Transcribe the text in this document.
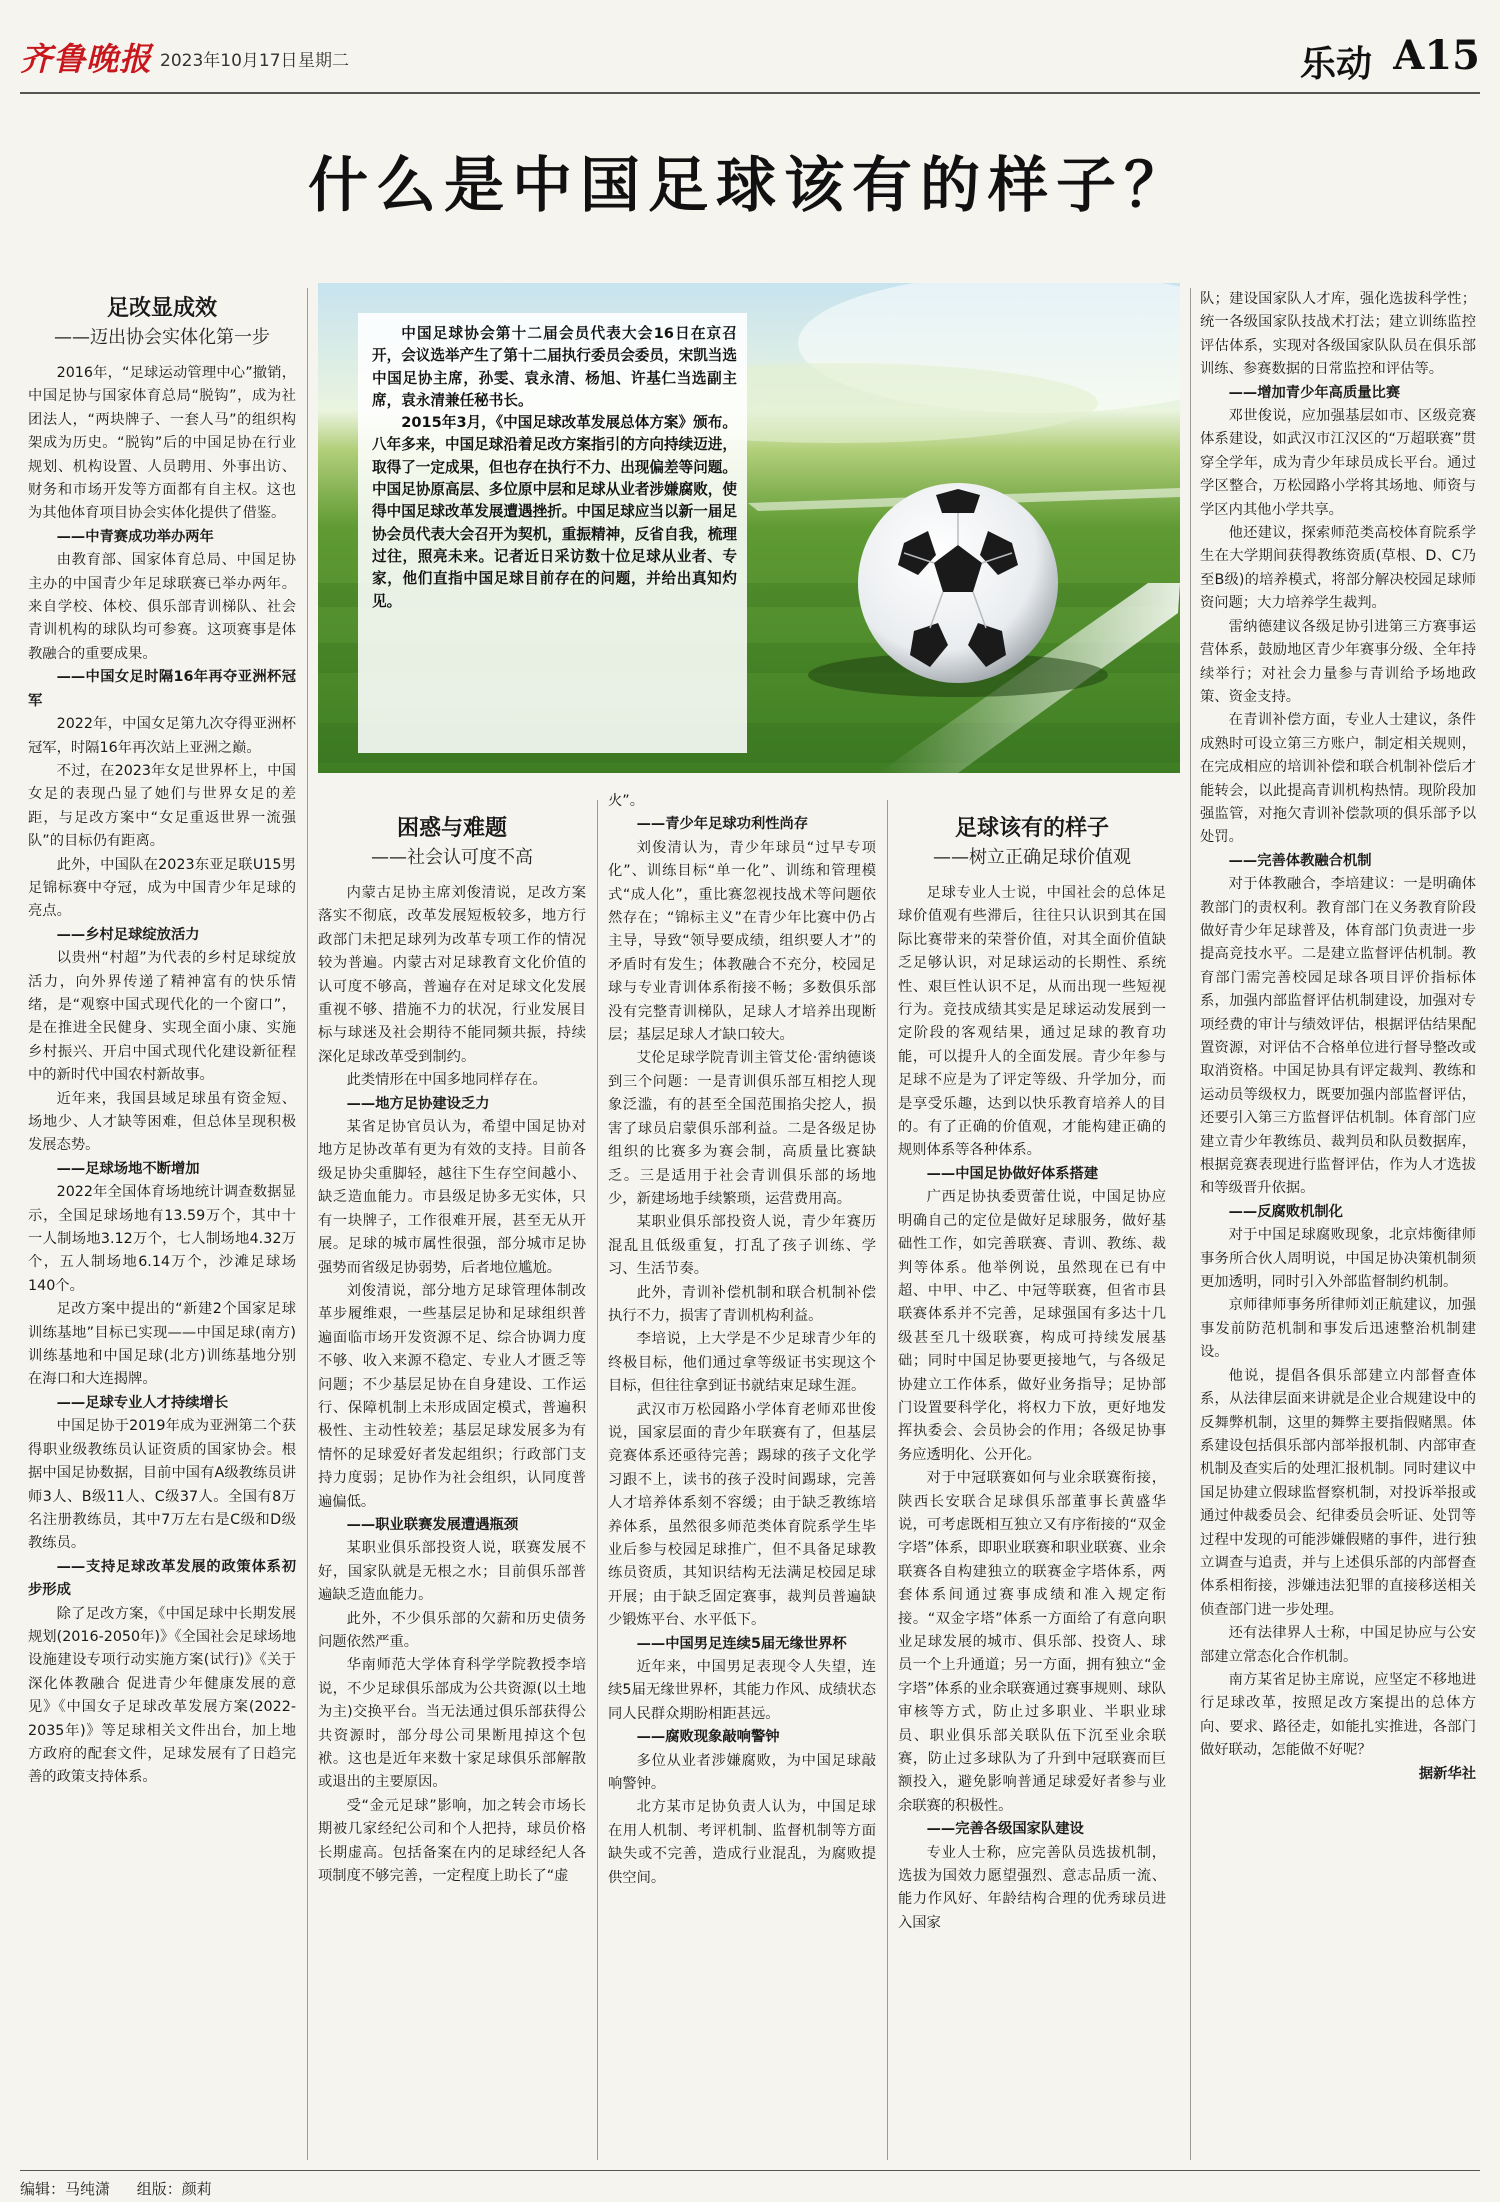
齐鲁晚报 2023年10月17日 星期二	乐动 A15
什么是中国足球该有的样子？

中国足球协会第十二届会员代表大会16日在京召开，会议选举产生了第十二届执行委员会委员，宋凯当选中国足协主席，孙雯、袁永清、杨旭、许基仁当选副主席，袁永清兼任秘书长。

2015年3月，《中国足球改革发展总体方案》颁布。八年多来，中国足球沿着足改方案指引的方向持续迈进，取得了一定成果，但也存在执行不力、出现偏差等问题。中国足协原高层、多位原中层和足球从业者涉嫌腐败，使得中国足球改革发展遭遇挫折。中国足球应当以新一届足协会员代表大会召开为契机，重振精神，反省自我，梳理过往，照亮未来。记者近日采访数十位足球从业者、专家，他们直指中国足球目前存在的问题，并给出真知灼见。

足改显成效
——迈出协会实体化第一步

2016年，“足球运动管理中心”撤销，中国足协与国家体育总局“脱钩”，成为社团法人，“两块牌子、一套人马”的组织构架成为历史。“脱钩”后的中国足协在行业规划、机构设置、人员聘用、外事出访、财务和市场开发等方面都有自主权。这也为其他体育项目协会实体化提供了借鉴。

——中青赛成功举办两年

由教育部、国家体育总局、中国足协主办的中国青少年足球联赛已举办两年。来自学校、体校、俱乐部青训梯队、社会青训机构的球队均可参赛。这项赛事是体教融合的重要成果。

——中国女足时隔16年再夺亚洲杯冠军

2022年，中国女足第九次夺得亚洲杯冠军，时隔16年再次站上亚洲之巅。

不过，在2023年女足世界杯上，中国女足的表现凸显了她们与世界女足的差距，与足改方案中“女足重返世界一流强队”的目标仍有距离。

此外，中国队在2023东亚足联U15男足锦标赛中夺冠，成为中国青少年足球的亮点。

——乡村足球绽放活力

以贵州“村超”为代表的乡村足球绽放活力，向外界传递了精神富有的快乐情绪，是“观察中国式现代化的一个窗口”，是在推进全民健身、实现全面小康、实施乡村振兴、开启中国式现代化建设新征程中的新时代中国农村新故事。

近年来，我国县域足球虽有资金短、场地少、人才缺等困难，但总体呈现积极发展态势。

——足球场地不断增加

2022年全国体育场地统计调查数据显示，全国足球场地有13.59万个，其中十一人制场地3.12万个，七人制场地4.32万个，五人制场地6.14万个，沙滩足球场140个。

足改方案中提出的“新建2个国家足球训练基地”目标已实现——中国足球(南方)训练基地和中国足球(北方)训练基地分别在海口和大连揭牌。

——足球专业人才持续增长

中国足协于2019年成为亚洲第二个获得职业级教练员认证资质的国家协会。根据中国足协数据，目前中国有A级教练员讲师3人、B级11人、C级37人。全国有8万名注册教练员，其中7万左右是C级和D级教练员。

——支持足球改革发展的政策体系初步形成

除了足改方案，《中国足球中长期发展规划(2016-2050年)》《全国社会足球场地设施建设专项行动实施方案(试行)》《关于深化体教融合 促进青少年健康发展的意见》《中国女子足球改革发展方案(2022-2035年)》等足球相关文件出台，加上地方政府的配套文件，足球发展有了日趋完善的政策支持体系。

困惑与难题
——社会认可度不高

内蒙古足协主席刘俊清说，足改方案落实不彻底，改革发展短板较多，地方行政部门未把足球列为改革专项工作的情况较为普遍。内蒙古对足球教育文化价值的认可度不够高，普遍存在对足球文化发展重视不够、措施不力的状况，行业发展目标与球迷及社会期待不能同频共振，持续深化足球改革受到制约。

此类情形在中国多地同样存在。

——地方足协建设乏力

某省足协官员认为，希望中国足协对地方足协改革有更为有效的支持。目前各级足协尖重脚轻，越往下生存空间越小、缺乏造血能力。市县级足协多无实体，只有一块牌子，工作很难开展，甚至无从开展。足球的城市属性很强，部分城市足协强势而省级足协弱势，后者地位尴尬。

刘俊清说，部分地方足球管理体制改革步履维艰，一些基层足协和足球组织普遍面临市场开发资源不足、综合协调力度不够、收入来源不稳定、专业人才匮乏等问题；不少基层足协在自身建设、工作运行、保障机制上未形成固定模式，普遍积极性、主动性较差；基层足球发展多为有情怀的足球爱好者发起组织；行政部门支持力度弱；足协作为社会组织，认同度普遍偏低。

——职业联赛发展遭遇瓶颈

某职业俱乐部投资人说，联赛发展不好，国家队就是无根之水；目前俱乐部普遍缺乏造血能力。

此外，不少俱乐部的欠薪和历史债务问题依然严重。

华南师范大学体育科学学院教授李培说，不少足球俱乐部成为公共资源(以土地为主)交换平台。当无法通过俱乐部获得公共资源时，部分母公司果断甩掉这个包袱。这也是近年来数十家足球俱乐部解散或退出的主要原因。

受“金元足球”影响，加之转会市场长期被几家经纪公司和个人把持，球员价格长期虚高。包括备案在内的足球经纪人各项制度不够完善，一定程度上助长了“虚

火”。

——青少年足球功利性尚存

刘俊清认为，青少年球员“过早专项化”、训练目标“单一化”、训练和管理模式“成人化”，重比赛忽视技战术等问题依然存在；“锦标主义”在青少年比赛中仍占主导，导致“领导要成绩，组织要人才”的矛盾时有发生；体教融合不充分，校园足球与专业青训体系衔接不畅；多数俱乐部没有完整青训梯队，足球人才培养出现断层；基层足球人才缺口较大。

艾伦足球学院青训主管艾伦·雷纳德谈到三个问题：一是青训俱乐部互相挖人现象泛滥，有的甚至全国范围掐尖挖人，损害了球员启蒙俱乐部利益。二是各级足协组织的比赛多为赛会制，高质量比赛缺乏。三是适用于社会青训俱乐部的场地少，新建场地手续繁琐，运营费用高。

某职业俱乐部投资人说，青少年赛历混乱且低级重复，打乱了孩子训练、学习、生活节奏。

此外，青训补偿机制和联合机制补偿执行不力，损害了青训机构利益。

李培说，上大学是不少足球青少年的终极目标，他们通过拿等级证书实现这个目标，但往往拿到证书就结束足球生涯。

武汉市万松园路小学体育老师邓世俊说，国家层面的青少年联赛有了，但基层竞赛体系还亟待完善；踢球的孩子文化学习跟不上，读书的孩子没时间踢球，完善人才培养体系刻不容缓；由于缺乏教练培养体系，虽然很多师范类体育院系学生毕业后参与校园足球推广，但不具备足球教练员资质，其知识结构无法满足校园足球开展；由于缺乏固定赛事，裁判员普遍缺少锻炼平台、水平低下。

——中国男足连续5届无缘世界杯

近年来，中国男足表现令人失望，连续5届无缘世界杯，其能力作风、成绩状态同人民群众期盼相距甚远。

——腐败现象敲响警钟

多位从业者涉嫌腐败，为中国足球敲响警钟。

北方某市足协负责人认为，中国足球在用人机制、考评机制、监督机制等方面缺失或不完善，造成行业混乱，为腐败提供空间。

足球该有的样子
——树立正确足球价值观

足球专业人士说，中国社会的总体足球价值观有些滞后，往往只认识到其在国际比赛带来的荣誉价值，对其全面价值缺乏足够认识，对足球运动的长期性、系统性、艰巨性认识不足，从而出现一些短视行为。竞技成绩其实是足球运动发展到一定阶段的客观结果，通过足球的教育功能，可以提升人的全面发展。青少年参与足球不应是为了评定等级、升学加分，而是享受乐趣，达到以快乐教育培养人的目的。有了正确的价值观，才能构建正确的规则体系等各种体系。

——中国足协做好体系搭建

广西足协执委贾蕾仕说，中国足协应明确自己的定位是做好足球服务，做好基础性工作，如完善联赛、青训、教练、裁判等体系。他举例说，虽然现在已有中超、中甲、中乙、中冠等联赛，但省市县联赛体系并不完善，足球强国有多达十几级甚至几十级联赛，构成可持续发展基础；同时中国足协要更接地气，与各级足协建立工作体系，做好业务指导；足协部门设置要科学化，将权力下放，更好地发挥执委会、会员协会的作用；各级足协事务应透明化、公开化。

对于中冠联赛如何与业余联赛衔接，陕西长安联合足球俱乐部董事长黄盛华说，可考虑既相互独立又有序衔接的“双金字塔”体系，即职业联赛和职业联赛、业余联赛各自构建独立的联赛金字塔体系，两套体系间通过赛事成绩和准入规定衔接。“双金字塔”体系一方面给了有意向职业足球发展的城市、俱乐部、投资人、球员一个上升通道；另一方面，拥有独立“金字塔”体系的业余联赛通过赛事规则、球队审核等方式，防止过多职业、半职业球员、职业俱乐部关联队伍下沉至业余联赛，防止过多球队为了升到中冠联赛而巨额投入，避免影响普通足球爱好者参与业余联赛的积极性。

——完善各级国家队建设

专业人士称，应完善队员选拔机制，选拔为国效力愿望强烈、意志品质一流、能力作风好、年龄结构合理的优秀球员进入国家

队；建设国家队人才库，强化选拔科学性；统一各级国家队技战术打法；建立训练监控评估体系，实现对各级国家队队员在俱乐部训练、参赛数据的日常监控和评估等。

——增加青少年高质量比赛

邓世俊说，应加强基层如市、区级竞赛体系建设，如武汉市江汉区的“万超联赛”贯穿全学年，成为青少年球员成长平台。通过学区整合，万松园路小学将其场地、师资与学区内其他小学共享。

他还建议，探索师范类高校体育院系学生在大学期间获得教练资质(草根、D、C乃至B级)的培养模式，将部分解决校园足球师资问题；大力培养学生裁判。

雷纳德建议各级足协引进第三方赛事运营体系，鼓励地区青少年赛事分级、全年持续举行；对社会力量参与青训给予场地政策、资金支持。

在青训补偿方面，专业人士建议，条件成熟时可设立第三方账户，制定相关规则，在完成相应的培训补偿和联合机制补偿后才能转会，以此提高青训机构热情。现阶段加强监管，对拖欠青训补偿款项的俱乐部予以处罚。

——完善体教融合机制

对于体教融合，李培建议：一是明确体教部门的责权利。教育部门在义务教育阶段做好青少年足球普及，体育部门负责进一步提高竞技水平。二是建立监督评估机制。教育部门需完善校园足球各项目评价指标体系，加强内部监督评估机制建设，加强对专项经费的审计与绩效评估，根据评估结果配置资源，对评估不合格单位进行督导整改或取消资格。中国足协具有评定裁判、教练和运动员等级权力，既要加强内部监督评估，还要引入第三方监督评估机制。体育部门应建立青少年教练员、裁判员和队员数据库，根据竞赛表现进行监督评估，作为人才选拔和等级晋升依据。

——反腐败机制化

对于中国足球腐败现象，北京炜衡律师事务所合伙人周明说，中国足协决策机制须更加透明，同时引入外部监督制约机制。

京师律师事务所律师刘正航建议，加强事发前防范机制和事发后迅速整治机制建设。

他说，提倡各俱乐部建立内部督查体系，从法律层面来讲就是企业合规建设中的反舞弊机制，这里的舞弊主要指假赌黑。体系建设包括俱乐部内部举报机制、内部审查机制及查实后的处理汇报机制。同时建议中国足协建立假球监督察机制，对投诉举报或通过仲裁委员会、纪律委员会听证、处罚等过程中发现的可能涉嫌假赌的事件，进行独立调查与追责，并与上述俱乐部的内部督查体系相衔接，涉嫌违法犯罪的直接移送相关侦查部门进一步处理。

还有法律界人士称，中国足协应与公安部建立常态化合作机制。

南方某省足协主席说，应坚定不移地进行足球改革，按照足改方案提出的总体方向、要求、路径走，如能扎实推进，各部门做好联动，怎能做不好呢？

据新华社

编辑：马纯潇 组版：颜莉
